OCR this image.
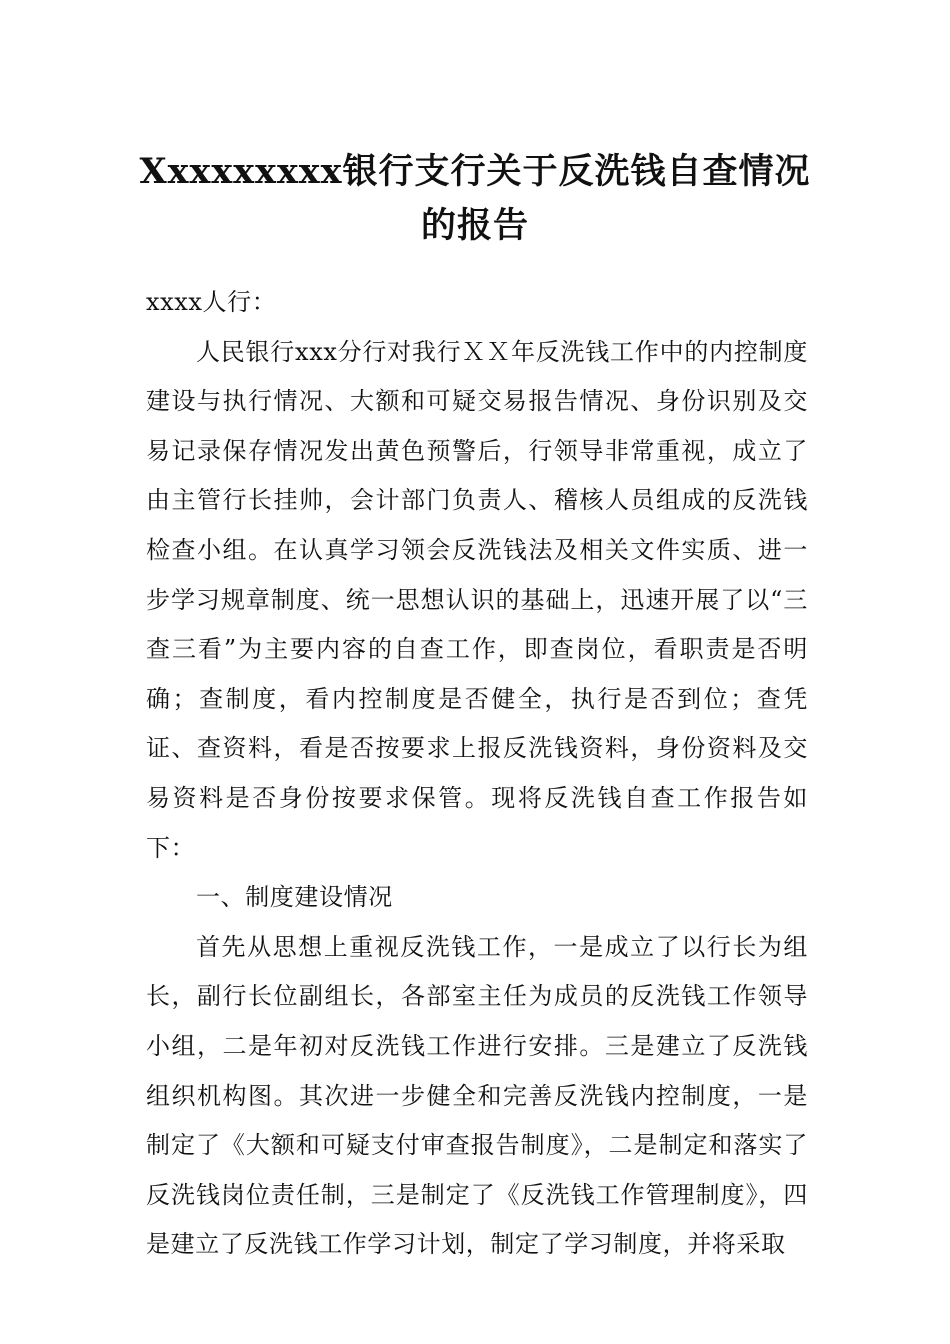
Xxxxxxxxx银行支行关于反洗钱自查情况
的报告

xxxx人行：

人民银行xxx分行对我行ＸＸ年反洗钱工作中的内控制度建设与执行情况、大额和可疑交易报告情况、身份识别及交易记录保存情况发出黄色预警后，行领导非常重视，成立了由主管行长挂帅，会计部门负责人、稽核人员组成的反洗钱检查小组。在认真学习领会反洗钱法及相关文件实质、进一步学习规章制度、统一思想认识的基础上，迅速开展了以“三查三看”为主要内容的自查工作，即查岗位，看职责是否明确；查制度，看内控制度是否健全，执行是否到位；查凭证、查资料，看是否按要求上报反洗钱资料，身份资料及交易资料是否身份按要求保管。现将反洗钱自查工作报告如下：

一、制度建设情况

首先从思想上重视反洗钱工作，一是成立了以行长为组长，副行长位副组长，各部室主任为成员的反洗钱工作领导小组，二是年初对反洗钱工作进行安排。三是建立了反洗钱组织机构图。其次进一步健全和完善反洗钱内控制度，一是制定了《大额和可疑支付审查报告制度》，二是制定和落实了反洗钱岗位责任制，三是制定了《反洗钱工作管理制度》，四是建立了反洗钱工作学习计划，制定了学习制度，并将采取
